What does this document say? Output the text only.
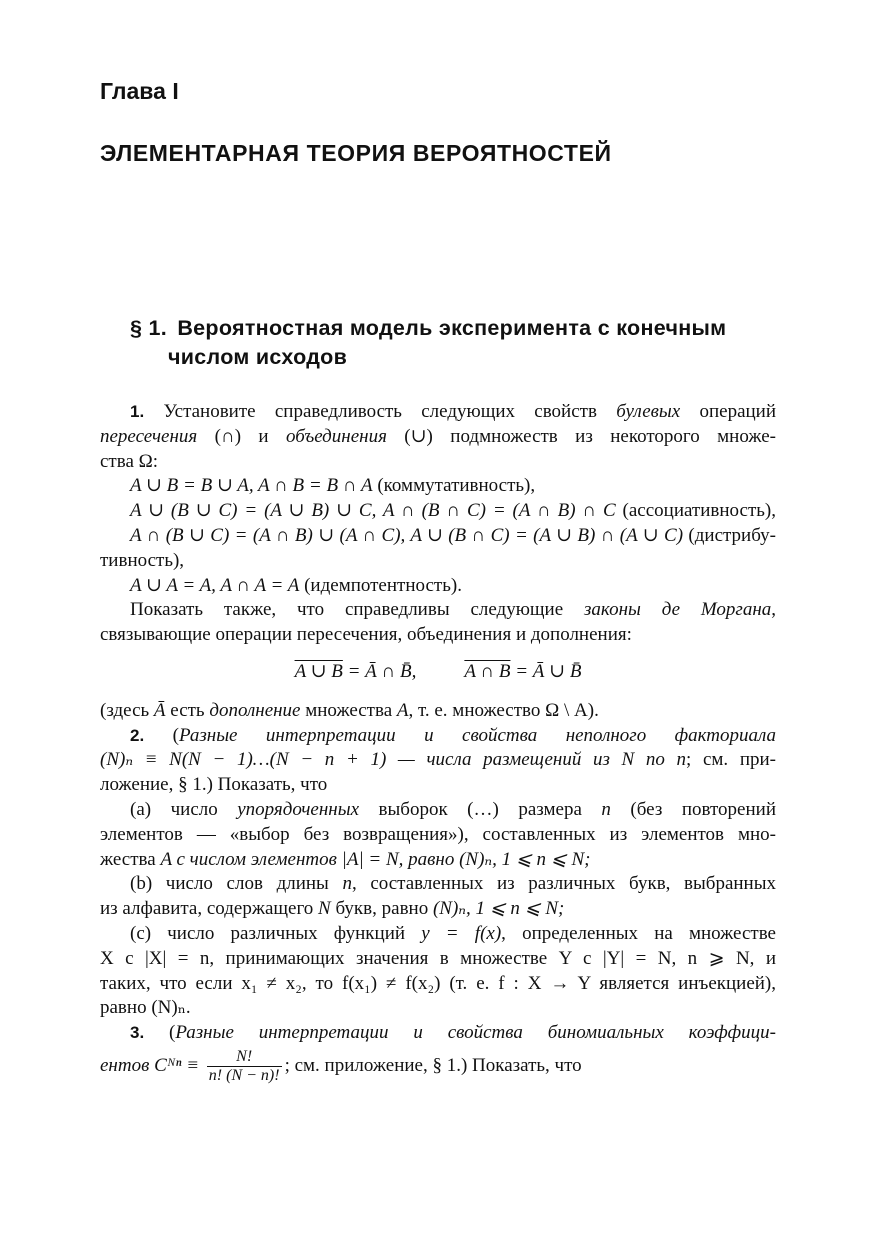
Глава I
ЭЛЕМЕНТАРНАЯ ТЕОРИЯ ВЕРОЯТНОСТЕЙ
§ 1. Вероятностная модель эксперимента с конечным
числом исходов
1. Установите справедливость следующих свойств булевых операций
пересечения (∩) и объединения (∪) подмножеств из некоторого множе-
ства Ω:
A ∪ B = B ∪ A, A ∩ B = B ∩ A (коммутативность),
A ∪ (B ∪ C) = (A ∪ B) ∪ C, A ∩ (B ∩ C) = (A ∩ B) ∩ C (ассоциативность),
A ∩ (B ∪ C) = (A ∩ B) ∪ (A ∩ C), A ∪ (B ∩ C) = (A ∪ B) ∩ (A ∪ C) (дистрибу-
тивность),
A ∪ A = A, A ∩ A = A (идемпотентность).
Показать также, что справедливы следующие законы де Моргана,
связывающие операции пересечения, объединения и дополнения:
A ∪ B = Ā ∩ B̄,	A ∩ B = Ā ∪ B̄
(здесь Ā есть дополнение множества A, т. е. множество Ω \ A).
2. (Разные интерпретации и свойства неполного факториала
(N)ₙ ≡ N(N − 1)…(N − n + 1) — числа размещений из N по n; см. при-
ложение, § 1.) Показать, что
(a) число упорядоченных выборок (…) размера n (без повторений
элементов — «выбор без возвращения»), составленных из элементов мно-
жества A с числом элементов |A| = N, равно (N)ₙ, 1 ⩽ n ⩽ N;
(b) число слов длины n, составленных из различных букв, выбранных
из алфавита, содержащего N букв, равно (N)ₙ, 1 ⩽ n ⩽ N;
(c) число различных функций y = f(x), определенных на множестве
X с |X| = n, принимающих значения в множестве Y с |Y| = N, n ⩾ N, и
таких, что если x₁ ≠ x₂, то f(x₁) ≠ f(x₂) (т. е. f : X → Y является инъекцией),
равно (N)ₙ.
3. (Разные интерпретации и свойства биномиальных коэффици-
ентов Cᴺⁿ ≡ $\frac{N!}{n! (N - n)!}$ ; см. приложение, § 1.) Показать, что
